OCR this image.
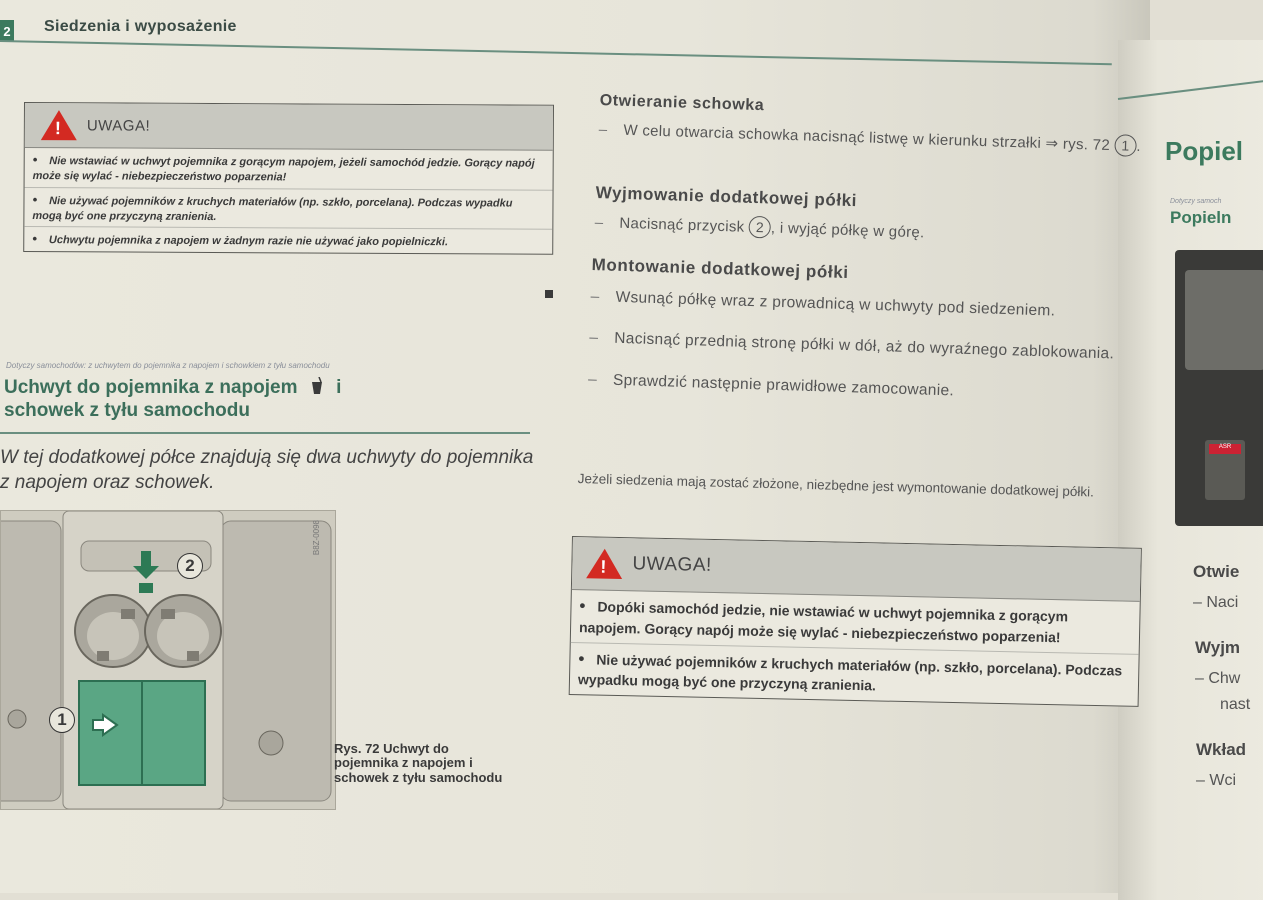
2 Siedzenia i wyposażenie
! UWAGA!
• Nie wstawiać w uchwyt pojemnika z gorącym napojem, jeżeli samochód jedzie. Gorący napój może się wylać - niebezpieczeństwo poparzenia!
• Nie używać pojemników z kruchych materiałów (np. szkło, porcelana). Podczas wypadku mogą być one przyczyną zranienia.
• Uchwytu pojemnika z napojem w żadnym razie nie używać jako popielniczki.
Dotyczy samochodów: z uchwytem do pojemnika z napojem i schowkiem z tyłu samochodu
Uchwyt do pojemnika z napojem i
schowek z tyłu samochodu
W tej dodatkowej półce znajdują się dwa uchwyty do pojemnika z napojem oraz schowek.
2
1
B8Z-0098
Rys. 72 Uchwyt do pojemnika z napojem i schowek z tyłu samochodu
Otwieranie schowka
– W celu otwarcia schowka nacisnąć listwę w kierunku strzałki ⇒ rys. 72 1 .
Wyjmowanie dodatkowej półki
– Nacisnąć przycisk 2 , i wyjąć półkę w górę.
Montowanie dodatkowej półki
– Wsunąć półkę wraz z prowadnicą w uchwyty pod siedzeniem.
– Nacisnąć przednią stronę półki w dół, aż do wyraźnego zablokowania.
– Sprawdzić następnie prawidłowe zamocowanie.
Jeżeli siedzenia mają zostać złożone, niezbędne jest wymontowanie dodatkowej półki.
! UWAGA!
• Dopóki samochód jedzie, nie wstawiać w uchwyt pojemnika z gorącym napojem. Gorący napój może się wylać - niebezpieczeństwo poparzenia!
• Nie używać pojemników z kruchych materiałów (np. szkło, porcelana). Podczas wypadku mogą być one przyczyną zranienia.
Popiel
Dotyczy samoch
Popieln
ASR
Otwie
– Naci
Wyjm
– Chw
nast
Wkład
– Wci
